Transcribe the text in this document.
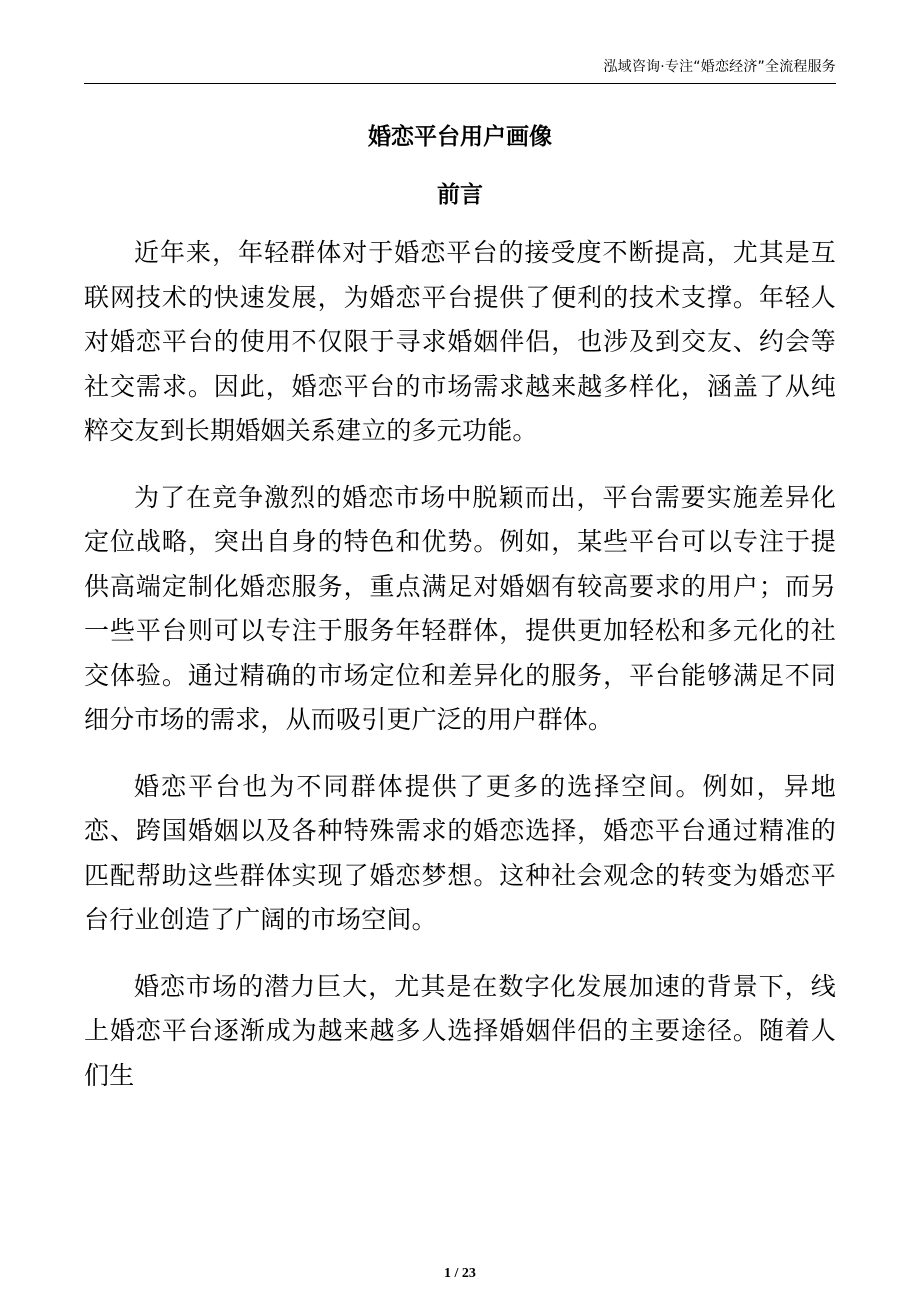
泓域咨询·专注“婚恋经济”全流程服务
婚恋平台用户画像
前言

近年来，年轻群体对于婚恋平台的接受度不断提高，尤其是互联网技术的快速发展，为婚恋平台提供了便利的技术支撑。年轻人对婚恋平台的使用不仅限于寻求婚姻伴侣，也涉及到交友、约会等社交需求。因此，婚恋平台的市场需求越来越多样化，涵盖了从纯粹交友到长期婚姻关系建立的多元功能。

为了在竞争激烈的婚恋市场中脱颖而出，平台需要实施差异化定位战略，突出自身的特色和优势。例如，某些平台可以专注于提供高端定制化婚恋服务，重点满足对婚姻有较高要求的用户；而另一些平台则可以专注于服务年轻群体，提供更加轻松和多元化的社交体验。通过精确的市场定位和差异化的服务，平台能够满足不同细分市场的需求，从而吸引更广泛的用户群体。

婚恋平台也为不同群体提供了更多的选择空间。例如，异地恋、跨国婚姻以及各种特殊需求的婚恋选择，婚恋平台通过精准的匹配帮助这些群体实现了婚恋梦想。这种社会观念的转变为婚恋平台行业创造了广阔的市场空间。

婚恋市场的潜力巨大，尤其是在数字化发展加速的背景下，线上婚恋平台逐渐成为越来越多人选择婚姻伴侣的主要途径。随着人们生

1 / 23
